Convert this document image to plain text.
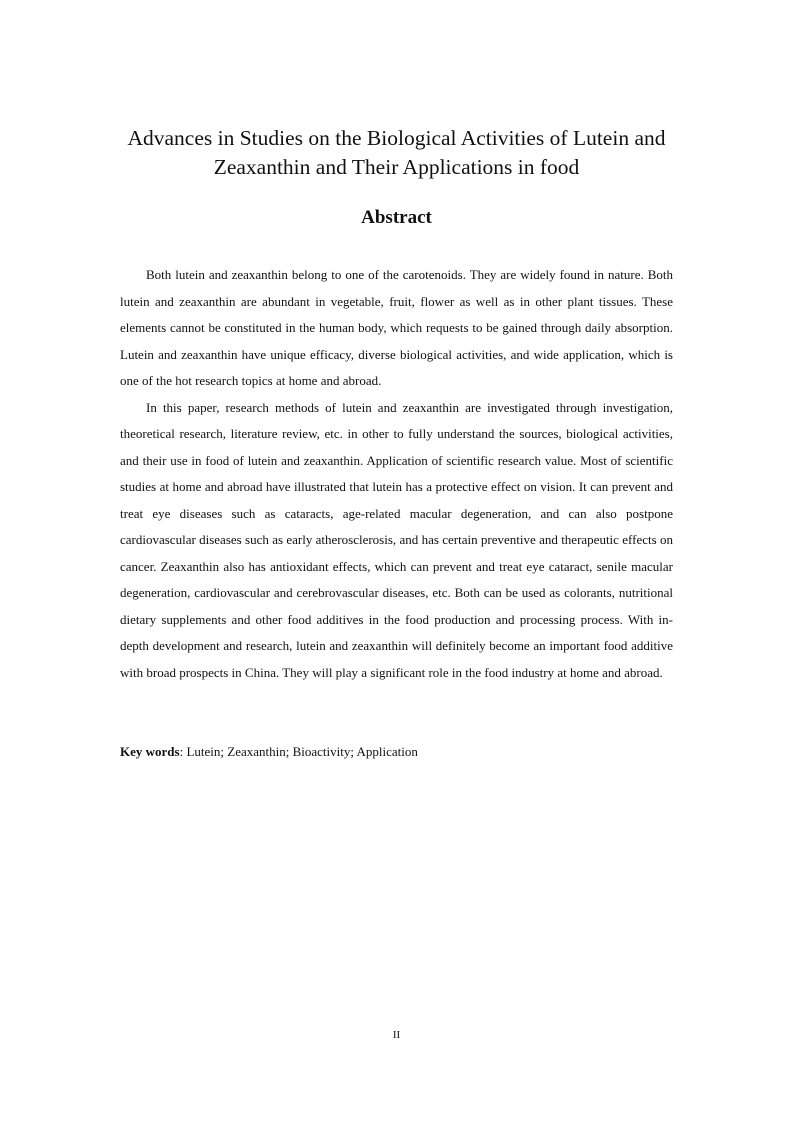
Advances in Studies on the Biological Activities of Lutein and Zeaxanthin and Their Applications in food
Abstract

Both lutein and zeaxanthin belong to one of the carotenoids. They are widely found in nature. Both lutein and zeaxanthin are abundant in vegetable, fruit, flower as well as in other plant tissues. These elements cannot be constituted in the human body, which requests to be gained through daily absorption. Lutein and zeaxanthin have unique efficacy, diverse biological activities, and wide application, which is one of the hot research topics at home and abroad.

In this paper, research methods of lutein and zeaxanthin are investigated through investigation, theoretical research, literature review, etc. in other to fully understand the sources, biological activities, and their use in food of lutein and zeaxanthin. Application of scientific research value. Most of scientific studies at home and abroad have illustrated that lutein has a protective effect on vision. It can prevent and treat eye diseases such as cataracts, age-related macular degeneration, and can also postpone cardiovascular diseases such as early atherosclerosis, and has certain preventive and therapeutic effects on cancer. Zeaxanthin also has antioxidant effects, which can prevent and treat eye cataract, senile macular degeneration, cardiovascular and cerebrovascular diseases, etc. Both can be used as colorants, nutritional dietary supplements and other food additives in the food production and processing process. With in-depth development and research, lutein and zeaxanthin will definitely become an important food additive with broad prospects in China. They will play a significant role in the food industry at home and abroad.

Key words: Lutein; Zeaxanthin; Bioactivity; Application

II
